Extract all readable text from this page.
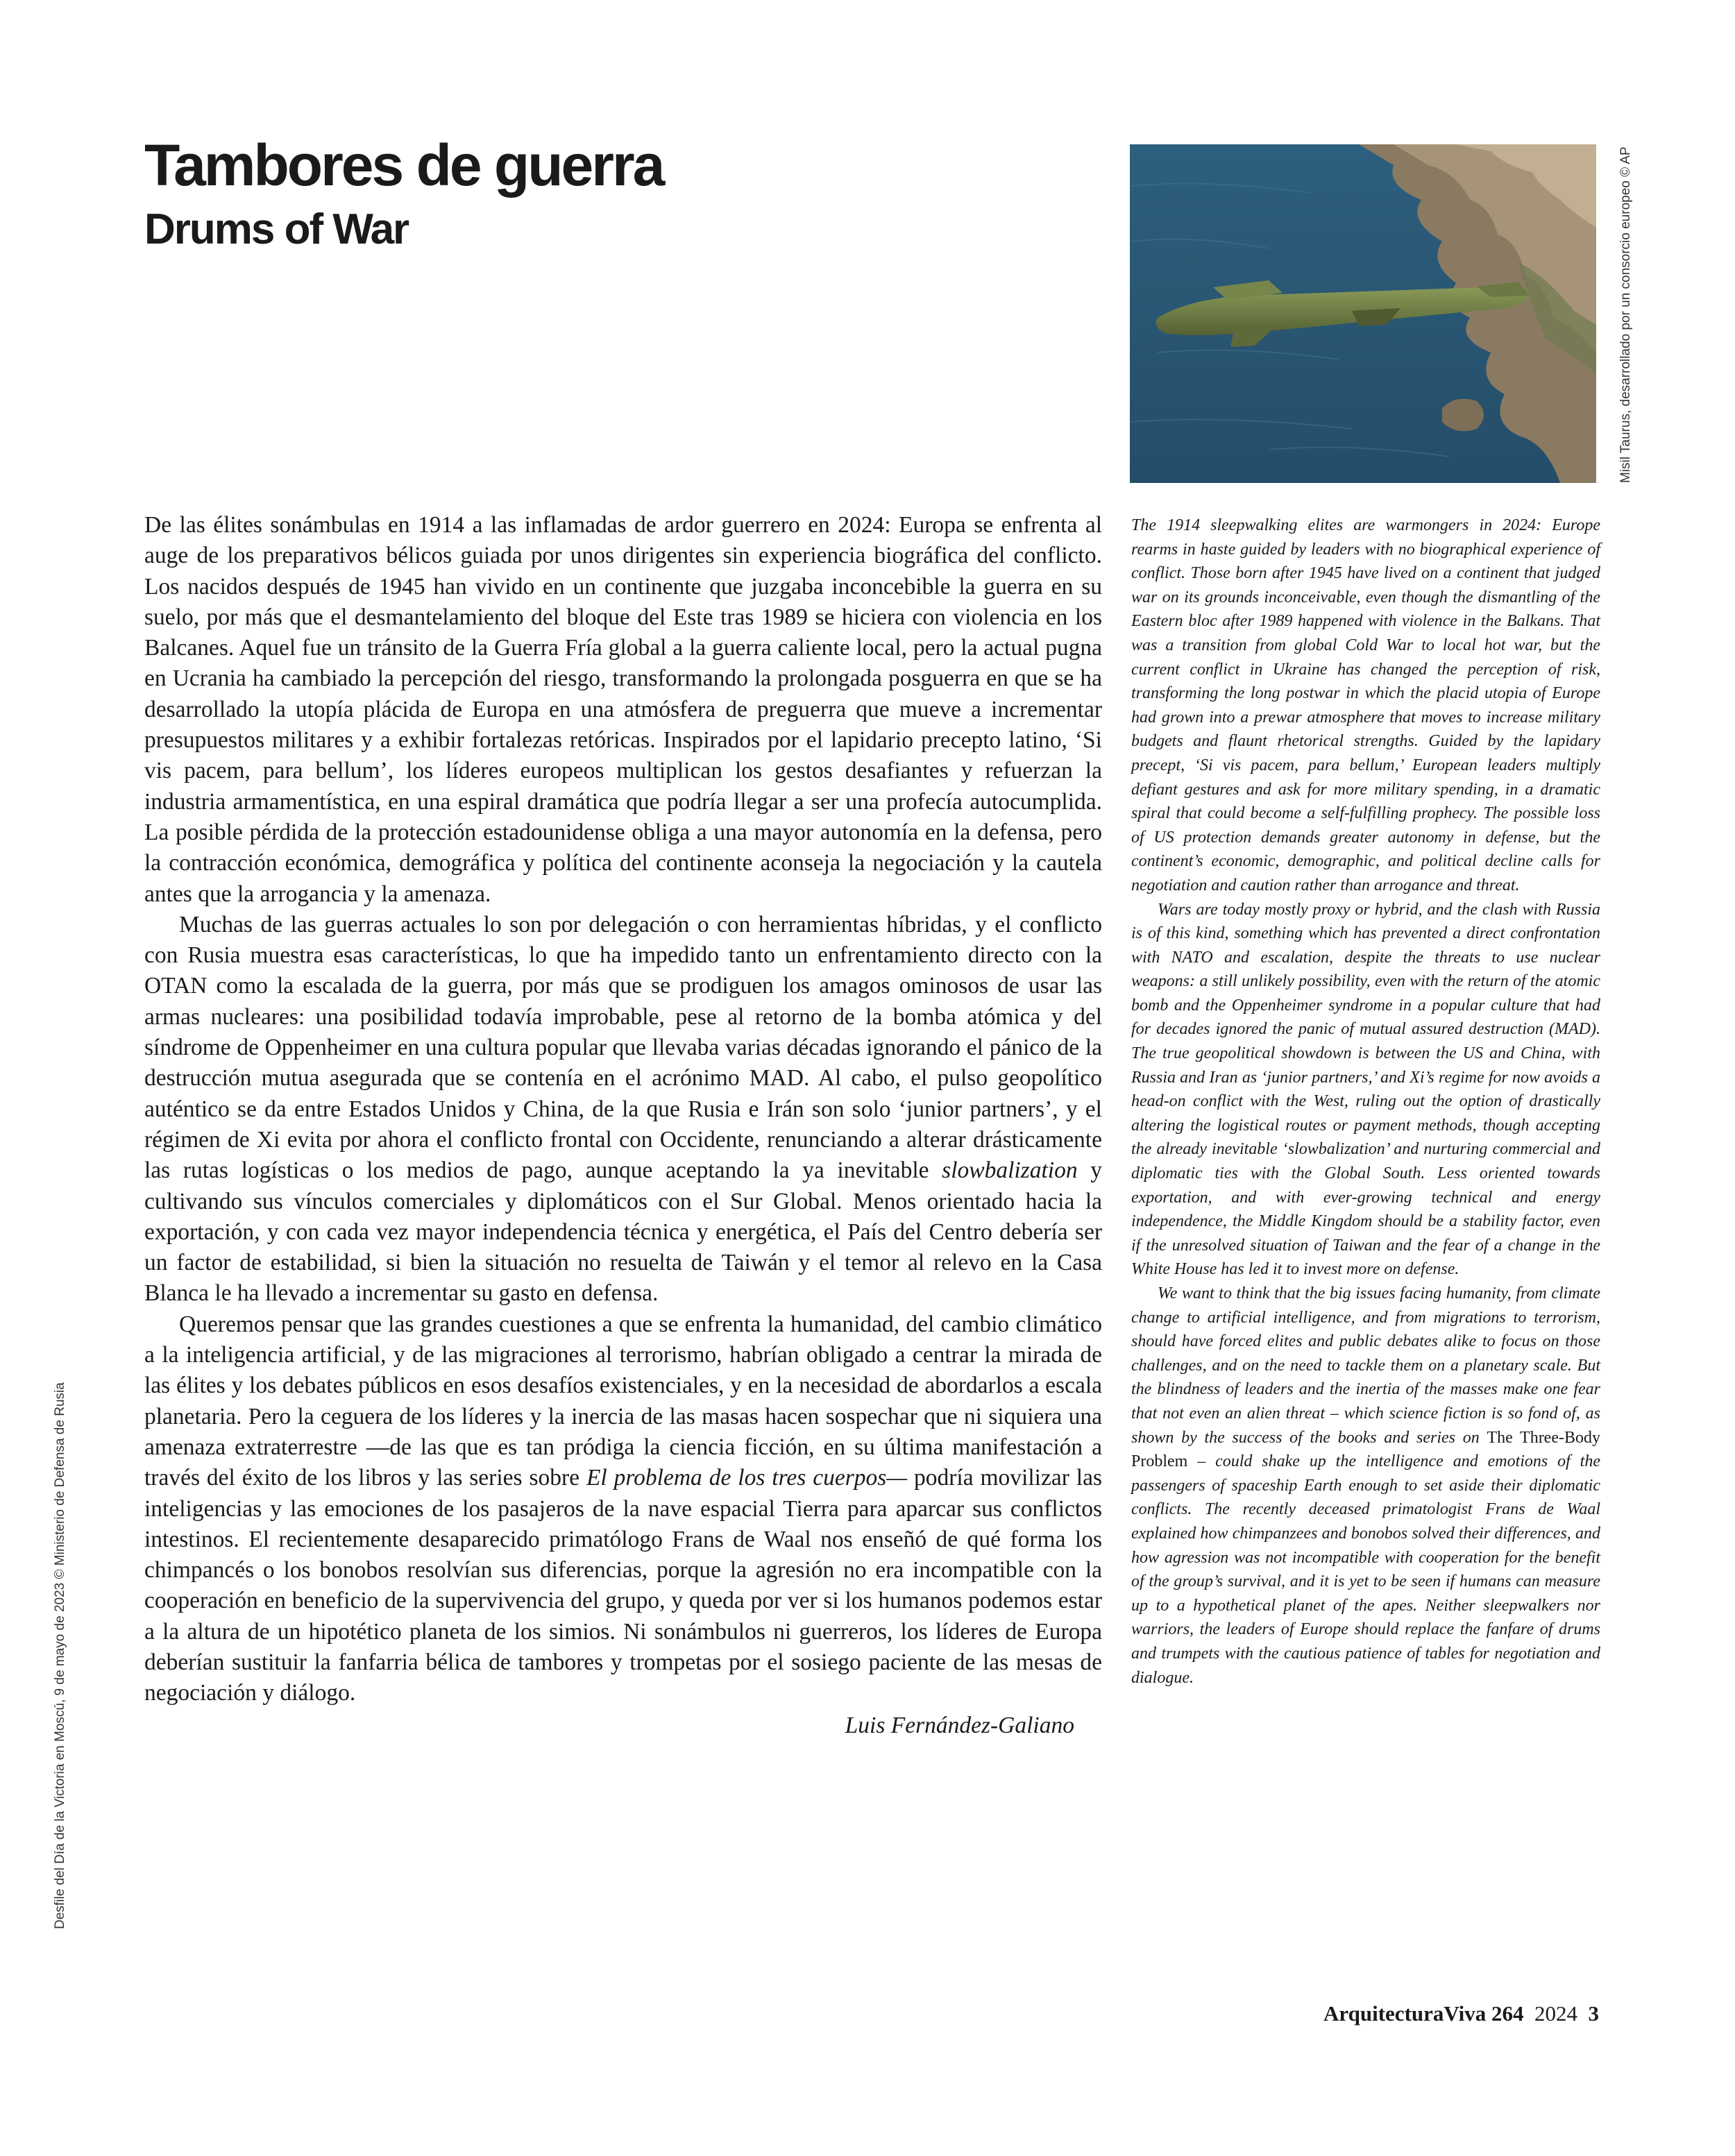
Tambores de guerra
Drums of War	Misil Taurus, desarrollado por un consorcio europeo © AP
Desfile del Día de la Victoria en Moscú, 9 de mayo de 2023 © Ministerio de Defensa de Rusia

De las élites sonámbulas en 1914 a las inflamadas de ardor guerrero en 2024: Europa se enfrenta al auge de los preparativos bélicos guiada por unos dirigentes sin experiencia biográfica del conflicto. Los nacidos después de 1945 han vivido en un continente que juzgaba inconcebible la guerra en su suelo, por más que el desmantelamiento del bloque del Este tras 1989 se hiciera con violencia en los Balcanes. Aquel fue un tránsito de la Guerra Fría global a la guerra caliente local, pero la actual pugna en Ucrania ha cambiado la percepción del riesgo, transformando la prolongada posguerra en que se ha desarrollado la utopía plácida de Europa en una atmósfera de preguerra que mueve a incrementar presupuestos militares y a exhibir fortalezas retóricas. Inspirados por el lapidario precepto latino, ‘Si vis pacem, para bellum’, los líderes europeos multiplican los gestos desafiantes y refuerzan la industria armamentística, en una espiral dramática que podría llegar a ser una profecía autocumplida. La posible pérdida de la protección estadounidense obliga a una mayor autonomía en la defensa, pero la contracción económica, demográfica y política del continente aconseja la negociación y la cautela antes que la arrogancia y la amenaza.

Muchas de las guerras actuales lo son por delegación o con herramientas híbridas, y el conflicto con Rusia muestra esas características, lo que ha impedido tanto un enfrentamiento directo con la OTAN como la escalada de la guerra, por más que se prodiguen los amagos ominosos de usar las armas nucleares: una posibilidad todavía improbable, pese al retorno de la bomba atómica y del síndrome de Oppenheimer en una cultura popular que llevaba varias décadas ignorando el pánico de la destrucción mutua asegurada que se contenía en el acrónimo MAD. Al cabo, el pulso geopolítico auténtico se da entre Estados Unidos y China, de la que Rusia e Irán son solo ‘junior partners’, y el régimen de Xi evita por ahora el conflicto frontal con Occidente, renunciando a alterar drásticamente las rutas logísticas o los medios de pago, aunque aceptando la ya inevitable slowbalization y cultivando sus vínculos comerciales y diplomáticos con el Sur Global. Menos orientado hacia la exportación, y con cada vez mayor independencia técnica y energética, el País del Centro debería ser un factor de estabilidad, si bien la situación no resuelta de Taiwán y el temor al relevo en la Casa Blanca le ha llevado a incrementar su gasto en defensa.

Queremos pensar que las grandes cuestiones a que se enfrenta la humanidad, del cambio climático a la inteligencia artificial, y de las migraciones al terrorismo, habrían obligado a centrar la mirada de las élites y los debates públicos en esos desafíos existenciales, y en la necesidad de abordarlos a escala planetaria. Pero la ceguera de los líderes y la inercia de las masas hacen sospechar que ni siquiera una amenaza extraterrestre —de las que es tan pródiga la ciencia ficción, en su última manifestación a través del éxito de los libros y las series sobre El problema de los tres cuerpos— podría movilizar las inteligencias y las emociones de los pasajeros de la nave espacial Tierra para aparcar sus conflictos intestinos. El recientemente desaparecido primatólogo Frans de Waal nos enseñó de qué forma los chimpancés o los bonobos resolvían sus diferencias, porque la agresión no era incompatible con la cooperación en beneficio de la supervivencia del grupo, y queda por ver si los humanos podemos estar a la altura de un hipotético planeta de los simios. Ni sonámbulos ni guerreros, los líderes de Europa deberían sustituir la fanfarria bélica de tambores y trompetas por el sosiego paciente de las mesas de negociación y diálogo.

Luis Fernández-Galiano

The 1914 sleepwalking elites are warmongers in 2024: Europe rearms in haste guided by leaders with no biographical experience of conflict. Those born after 1945 have lived on a continent that judged war on its grounds inconceivable, even though the dismantling of the Eastern bloc after 1989 happened with violence in the Balkans. That was a transition from global Cold War to local hot war, but the current conflict in Ukraine has changed the perception of risk, transforming the long postwar in which the placid utopia of Europe had grown into a prewar atmosphere that moves to increase military budgets and flaunt rhetorical strengths. Guided by the lapidary precept, ‘Si vis pacem, para bellum,’ European leaders multiply defiant gestures and ask for more military spending, in a dramatic spiral that could become a self-fulfilling prophecy. The possible loss of US protection demands greater autonomy in defense, but the continent’s economic, demographic, and political decline calls for negotiation and caution rather than arrogance and threat.

Wars are today mostly proxy or hybrid, and the clash with Russia is of this kind, something which has prevented a direct confrontation with NATO and escalation, despite the threats to use nuclear weapons: a still unlikely possibility, even with the return of the atomic bomb and the Oppenheimer syndrome in a popular culture that had for decades ignored the panic of mutual assured destruction (MAD). The true geopolitical showdown is between the US and China, with Russia and Iran as ‘junior partners,’ and Xi’s regime for now avoids a head-on conflict with the West, ruling out the option of drastically altering the logistical routes or payment methods, though accepting the already inevitable ‘slowbalization’ and nurturing commercial and diplomatic ties with the Global South. Less oriented towards exportation, and with ever-growing technical and energy independence, the Middle Kingdom should be a stability factor, even if the unresolved situation of Taiwan and the fear of a change in the White House has led it to invest more on defense.

We want to think that the big issues facing humanity, from climate change to artificial intelligence, and from migrations to terrorism, should have forced elites and public debates alike to focus on those challenges, and on the need to tackle them on a planetary scale. But the blindness of leaders and the inertia of the masses make one fear that not even an alien threat – which science fiction is so fond of, as shown by the success of the books and series on The Three-Body Problem – could shake up the intelligence and emotions of the passengers of spaceship Earth enough to set aside their diplomatic conflicts. The recently deceased primatologist Frans de Waal explained how chimpanzees and bonobos solved their differences, and how agression was not incompatible with cooperation for the benefit of the group’s survival, and it is yet to be seen if humans can measure up to a hypothetical planet of the apes. Neither sleepwalkers nor warriors, the leaders of Europe should replace the fanfare of drums and trumpets with the cautious patience of tables for negotiation and dialogue.

ArquitecturaViva 264 2024 3
